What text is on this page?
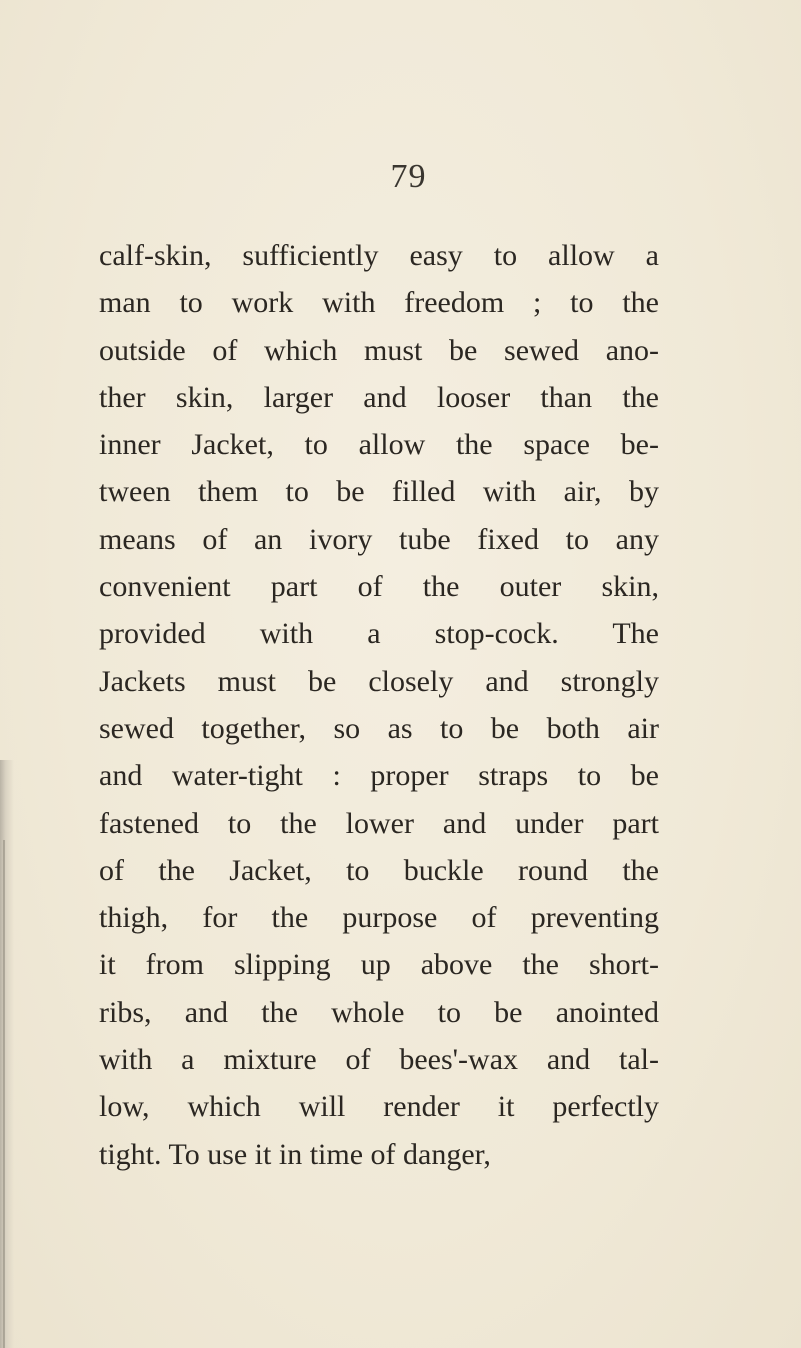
79
calf-skin, sufficiently easy to allow a
man to work with freedom ; to the
outside of which must be sewed ano-
ther skin, larger and looser than the
inner Jacket, to allow the space be-
tween them to be filled with air, by
means of an ivory tube fixed to any
convenient part of the outer skin,
provided with a stop-cock. The
Jackets must be closely and strongly
sewed together, so as to be both air
and water-tight : proper straps to be
fastened to the lower and under part
of the Jacket, to buckle round the
thigh, for the purpose of preventing
it from slipping up above the short-
ribs, and the whole to be anointed
with a mixture of bees'-wax and tal-
low, which will render it perfectly
tight. To use it in time of danger,
